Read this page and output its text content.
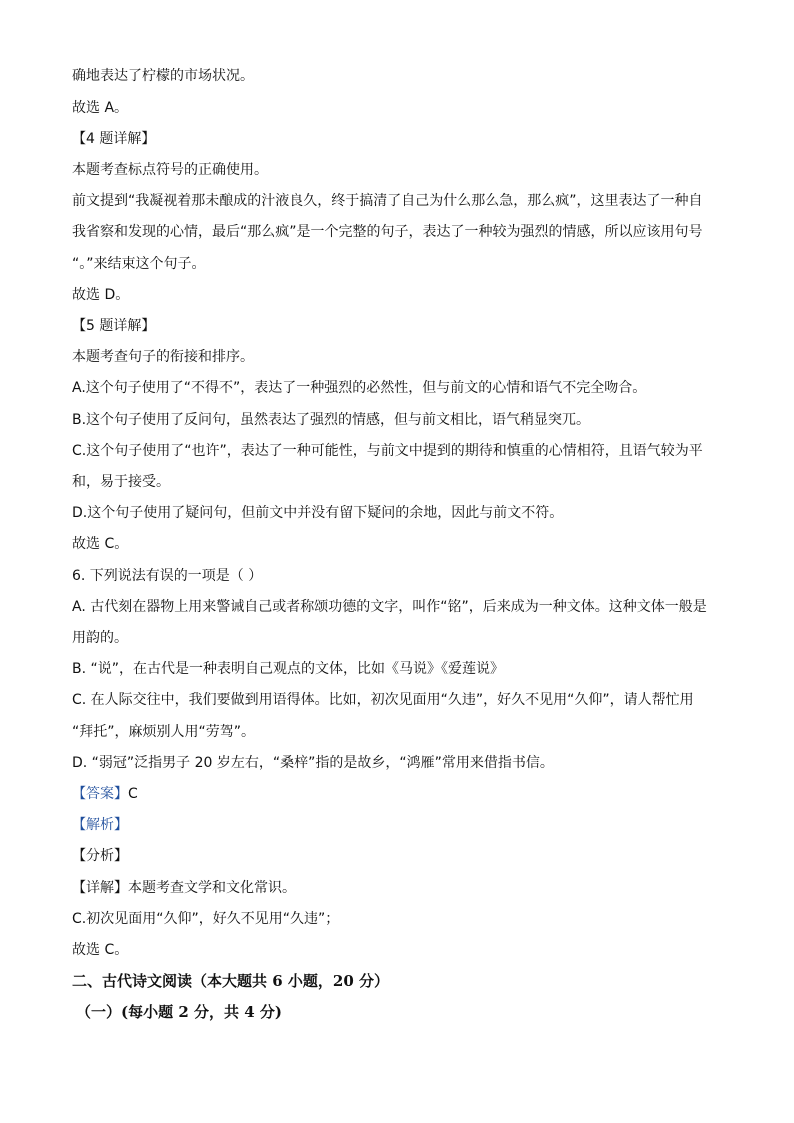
确地表达了柠檬的市场状况。
故选 A。
【4 题详解】
本题考查标点符号的正确使用。
前文提到“我凝视着那未酿成的汁液良久，终于搞清了自己为什么那么急，那么疯”，这里表达了一种自
我省察和发现的心情，最后“那么疯”是一个完整的句子，表达了一种较为强烈的情感，所以应该用句号
“。”来结束这个句子。
故选 D。
【5 题详解】
本题考查句子的衔接和排序。
A.这个句子使用了“不得不”，表达了一种强烈的必然性，但与前文的心情和语气不完全吻合。
B.这个句子使用了反问句，虽然表达了强烈的情感，但与前文相比，语气稍显突兀。
C.这个句子使用了“也许”，表达了一种可能性，与前文中提到的期待和慎重的心情相符，且语气较为平
和，易于接受。
D.这个句子使用了疑问句，但前文中并没有留下疑问的余地，因此与前文不符。
故选 C。
6. 下列说法有误的一项是（ ）
A. 古代刻在器物上用来警诫自己或者称颂功德的文字，叫作“铭”，后来成为一种文体。这种文体一般是
用韵的。
B. “说”，在古代是一种表明自己观点的文体，比如《马说》《爱莲说》
C. 在人际交往中，我们要做到用语得体。比如，初次见面用“久违”，好久不见用“久仰”，请人帮忙用
“拜托”，麻烦别人用“劳驾”。
D. “弱冠”泛指男子 20 岁左右，“桑梓”指的是故乡，“鸿雁”常用来借指书信。
【答案】C
【解析】
【分析】
【详解】本题考查文学和文化常识。
C.初次见面用“久仰”，好久不见用“久违”；
故选 C。
二、古代诗文阅读（本大题共 6 小题，20 分）
（一）(每小题 2 分，共 4 分)
